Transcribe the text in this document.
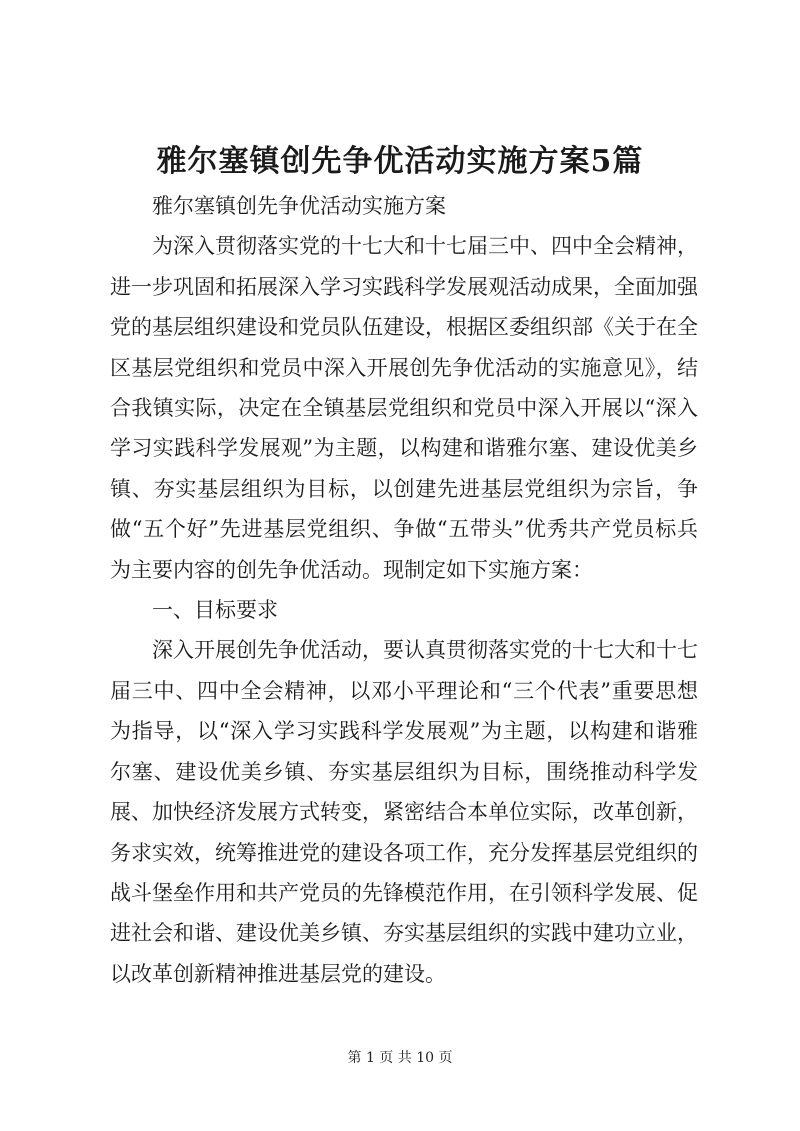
雅尔塞镇创先争优活动实施方案5篇

雅尔塞镇创先争优活动实施方案

为深入贯彻落实党的十七大和十七届三中、四中全会精神，进一步巩固和拓展深入学习实践科学发展观活动成果，全面加强党的基层组织建设和党员队伍建设，根据区委组织部《关于在全区基层党组织和党员中深入开展创先争优活动的实施意见》，结合我镇实际，决定在全镇基层党组织和党员中深入开展以“深入学习实践科学发展观”为主题，以构建和谐雅尔塞、建设优美乡镇、夯实基层组织为目标，以创建先进基层党组织为宗旨，争做“五个好”先进基层党组织、争做“五带头”优秀共产党员标兵为主要内容的创先争优活动。现制定如下实施方案：

一、目标要求

深入开展创先争优活动，要认真贯彻落实党的十七大和十七届三中、四中全会精神，以邓小平理论和“三个代表”重要思想为指导，以“深入学习实践科学发展观”为主题，以构建和谐雅尔塞、建设优美乡镇、夯实基层组织为目标，围绕推动科学发展、加快经济发展方式转变，紧密结合本单位实际，改革创新，务求实效，统筹推进党的建设各项工作，充分发挥基层党组织的战斗堡垒作用和共产党员的先锋模范作用，在引领科学发展、促进社会和谐、建设优美乡镇、夯实基层组织的实践中建功立业，以改革创新精神推进基层党的建设。

第 1 页 共 10 页
